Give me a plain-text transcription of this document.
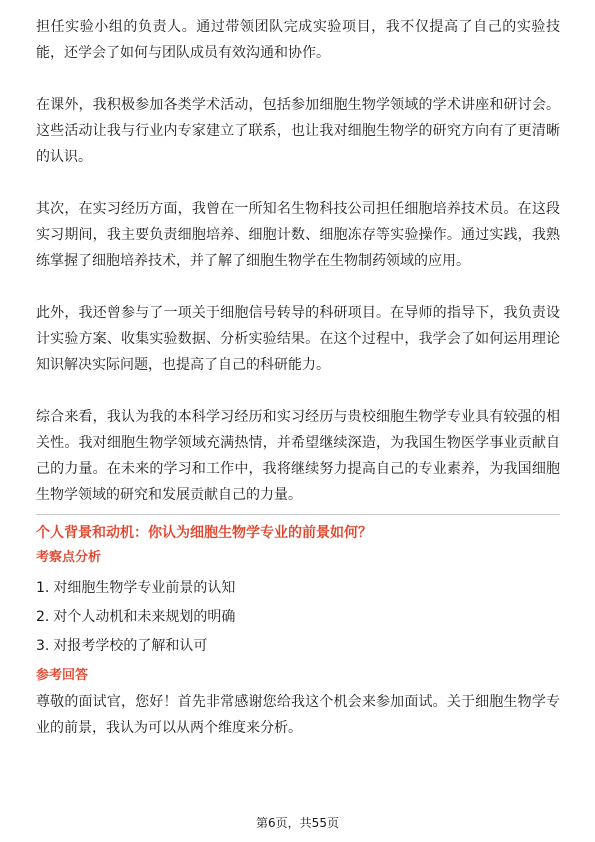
担任实验小组的负责人。通过带领团队完成实验项目，我不仅提高了自己的实验技能，还学会了如何与团队成员有效沟通和协作。

在课外，我积极参加各类学术活动，包括参加细胞生物学领域的学术讲座和研讨会。这些活动让我与行业内专家建立了联系，也让我对细胞生物学的研究方向有了更清晰的认识。

其次，在实习经历方面，我曾在一所知名生物科技公司担任细胞培养技术员。在这段实习期间，我主要负责细胞培养、细胞计数、细胞冻存等实验操作。通过实践，我熟练掌握了细胞培养技术，并了解了细胞生物学在生物制药领域的应用。

此外，我还曾参与了一项关于细胞信号转导的科研项目。在导师的指导下，我负责设计实验方案、收集实验数据、分析实验结果。在这个过程中，我学会了如何运用理论知识解决实际问题，也提高了自己的科研能力。

综合来看，我认为我的本科学习经历和实习经历与贵校细胞生物学专业具有较强的相关性。我对细胞生物学领域充满热情，并希望继续深造，为我国生物医学事业贡献自己的力量。在未来的学习和工作中，我将继续努力提高自己的专业素养，为我国细胞生物学领域的研究和发展贡献自己的力量。

个人背景和动机：你认为细胞生物学专业的前景如何？
考察点分析
1. 对细胞生物学专业前景的认知
2. 对个人动机和未来规划的明确
3. 对报考学校的了解和认可
参考回答

尊敬的面试官，您好！首先非常感谢您给我这个机会来参加面试。关于细胞生物学专业的前景，我认为可以从两个维度来分析。

第6页，共55页
